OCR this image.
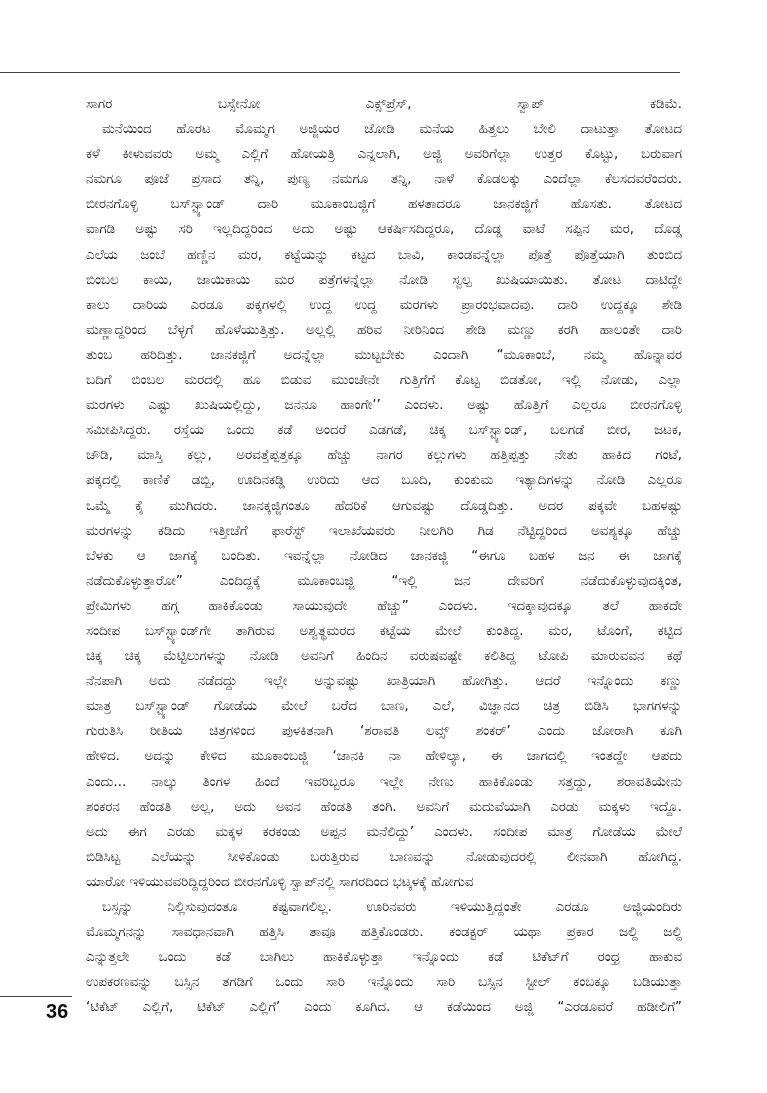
ಸಾಗರ ಬಸ್ಸೇನೋ ಎಕ್ಸ್‌ಪ್ರೆಸ್, ಸ್ವಾಪ್ ಕಡಿಮೆ.
ಮನೆಯಿಂದ ಹೊರಟ ಮೊಮ್ಮಗ ಅಜ್ಜಿಯರ ಜೋಡಿ ಮನೆಯ ಹಿತ್ತಲು ಬೇಲಿ ದಾಟುತ್ತಾ ತೋಟದ
ಕಳೆ ಕೀಳುವವರು ಅಮ್ಮ ಎಲ್ಲಿಗೆ ಹೋಯತ್ರಿ ಎನ್ನಲಾಗಿ, ಅಜ್ಜಿ ಅವರಿಗೆಲ್ಲಾ ಉತ್ತರ ಕೊಟ್ಟು, ಬರುವಾಗ
ನಮಗೂ ಪೂಜೆ ಪ್ರಸಾದ ತನ್ನಿ, ಪುಣ್ಯ ನಮಗೂ ತನ್ನಿ, ನಾಳೆ ಕೊಡಲಕ್ಕು ಎಂದೆಲ್ಲಾ ಕೆಲಸದವರೆಂದರು.
ಬೀರನಗೊಳ್ಳಿ ಬಸ್‌ಸ್ಟ್ಯಾಂಡ್ ದಾರಿ ಮೂಕಾಂಬಜ್ಜಿಗೆ ಹಳತಾದರೂ ಜಾನಕಜ್ಜಿಗೆ ಹೊಸತು. ತೋಟದ
ವಾಗಡಿ ಅಷ್ಟು ಸರಿ ಇಲ್ಲದಿದ್ದರಿಂದ ಅದು ಅಷ್ಟು ಆಕರ್ಷಿಸದಿದ್ದರೂ, ದೊಡ್ಡ ವಾಟೆ ಸಪ್ಪಿನ ಮರ, ದೊಡ್ಡ
ಎಲೆಯ ಜಂಬೆ ಹಣ್ಣಿನ ಮರ, ಕಟ್ಟೆಯನ್ನು ಕಟ್ಟದ ಬಾವಿ, ಕಾಂಡವನ್ನೆಲ್ಲಾ ಪೊತ್ತೆ ಪೊತ್ತೆಯಾಗಿ ತುಂಬಿದ
ಬಿಂಬಲ ಕಾಯಿ, ಜಾಯಿಕಾಯಿ ಮರ ಪತ್ರೆಗಳನ್ನೆಲ್ಲಾ ನೋಡಿ ಸ್ವಲ್ಪ ಖುಷಿಯಾಯಿತು. ತೋಟ ದಾಟಿದ್ದೇ
ಕಾಲು ದಾರಿಯ ಎರಡೂ ಪಕ್ಕಗಳಲ್ಲಿ ಉದ್ದ ಉದ್ದ ಮರಗಳು ಪ್ರಾರಂಭವಾದವು. ದಾರಿ ಉದ್ದಕ್ಕೂ ಶೇಡಿ
ಮಣ್ಣಾದ್ದರಿಂದ ಬೆಳ್ಳಗೆ ಹೊಳೆಯುತ್ತಿತ್ತು. ಅಲ್ಲಲ್ಲಿ ಹರಿವ ನೀರಿನಿಂದ ಶೇಡಿ ಮಣ್ಣು ಕರಗಿ ಹಾಲಂತೇ ದಾರಿ
ತುಂಬ ಹರಿದಿತ್ತು. ಜಾನಕಜ್ಜಿಗೆ ಅದನ್ನೆಲ್ಲಾ ಮುಟ್ಟಬೇಕು ಎಂದಾಗಿ “ಮೂಕಾಂಬೆ, ನಮ್ಮ ಹೊನ್ನಾವರ
ಬದಿಗೆ ಬಿಂಬಲ ಮರದಲ್ಲಿ ಹೂ ಬಿಡುವ ಮುಂಚೇನೇ ಗುತ್ತಿಗೆಗೆ ಕೊಟ್ಟ ಬಿಡತೋ, ಇಲ್ಲಿ ನೋಡು, ಎಲ್ಲಾ
ಮರಗಳು ಎಷ್ಟು ಖುಷಿಯಲ್ಲಿದ್ದು, ಜನನೂ ಹಾಂಗೇ’’ ಎಂದಳು. ಅಷ್ಟು ಹೊತ್ತಿಗೆ ಎಲ್ಲರೂ ಬೀರನಗೊಳ್ಳಿ
ಸಮೀಪಿಸಿದ್ದರು. ರಸ್ತೆಯ ಒಂದು ಕಡೆ ಅಂದರೆ ಎಡಗಡೆ, ಚಿಕ್ಕ ಬಸ್‌ಸ್ಟ್ಯಾಂಡ್, ಬಲಗಡೆ ಬೀರ, ಜಟಕ,
ಚೌಡಿ, ಮಾಸ್ತಿ ಕಲ್ಲು, ಅರವತ್ತೆಪ್ಪತ್ತಕ್ಕೂ ಹೆಚ್ಚು ನಾಗರ ಕಲ್ಲುಗಳು ಹತ್ತಿಪ್ಪತ್ತು ನೇತು ಹಾಕಿದ ಗಂಟೆ,
ಪಕ್ಕದಲ್ಲಿ ಕಾಣಿಕೆ ಡಬ್ಬಿ, ಊದಿನಕಡ್ಡಿ ಉರಿದು ಆದ ಬೂದಿ, ಕುಂಕುಮ ಇತ್ಯಾದಿಗಳನ್ನು ನೋಡಿ ಎಲ್ಲರೂ
ಒಮ್ಮೆ ಕೈ ಮುಗಿದರು. ಜಾನಕ್ಕಜ್ಜಿಗಂತೂ ಹೆದರಿಕೆ ಆಗುವಷ್ಟು ದೊಡ್ಡದಿತ್ತು. ಅದರ ಪಕ್ಕವೇ ಬಹಳಷ್ಟು
ಮರಗಳನ್ನು ಕಡಿದು ಇತ್ತೀಚೆಗೆ ಫಾರೆಸ್ಟ್ ಇಲಾಖೆಯವರು ನೀಲಗಿರಿ ಗಿಡ ನೆಟ್ಟಿದ್ದರಿಂದ ಅವಶ್ಯಕ್ಕೂ ಹೆಚ್ಚು
ಬೆಳಕು ಆ ಜಾಗಕ್ಕೆ ಬಂದಿತು. ಇವನ್ನೆಲ್ಲಾ ನೋಡಿದ ಜಾನಕಜ್ಜಿ “ಈಗೂ ಬಹಳ ಜನ ಈ ಜಾಗಕ್ಕೆ
ನಡೆದುಕೊಳ್ಳುತ್ತಾರೋ” ಎಂದಿದ್ದಕ್ಕೆ ಮೂಕಾಂಬಜ್ಜಿ “ಇಲ್ಲಿ ಜನ ದೇವರಿಗೆ ನಡೆದುಕೊಳ್ಳುವುದಕ್ಕಿಂತ,
ಪ್ರೇಮಿಗಳು ಹಗ್ಗ ಹಾಕಿಕೊಂಡು ಸಾಯುವುದೇ ಹೆಚ್ಚು” ಎಂದಳು. ಇದಕ್ಕಾವುದಕ್ಕೂ ತಲೆ ಹಾಕದೇ
ಸಂದೀಪ ಬಸ್‌ಸ್ಟ್ಯಾಂಡ್‌ಗೇ ತಾಗಿರುವ ಅಶ್ವತ್ಥಮರದ ಕಟ್ಟೆಯ ಮೇಲೆ ಕುಂತಿದ್ದ. ಮರ, ಟೊಂಗೆ, ಕಟ್ಟಿದ
ಚಿಕ್ಕ ಚಿಕ್ಕ ಮೆಟ್ಟಿಲುಗಳನ್ನು ನೋಡಿ ಅವನಿಗೆ ಹಿಂದಿನ ವರುಷವಷ್ಟೇ ಕಲಿತಿದ್ದ ಟೋಪಿ ಮಾರುವವನ ಕಥೆ
ನೆನಪಾಗಿ ಅದು ನಡೆದದ್ದು ಇಲ್ಲೇ ಅನ್ನುವಷ್ಟು ಖಾತ್ರಿಯಾಗಿ ಹೋಗಿತ್ತು. ಆದರೆ ಇನ್ನೊಂದು ಕಣ್ಣು
ಮಾತ್ರ ಬಸ್‌ಸ್ಟ್ಯಾಂಡ್ ಗೋಡೆಯ ಮೇಲೆ ಬರೆದ ಬಾಣ, ಎಲೆ, ವಿಜ್ಞಾನದ ಚಿತ್ರ ಬಿಡಿಸಿ ಭಾಗಗಳನ್ನು
ಗುರುತಿಸಿ ರೀತಿಯ ಚಿತ್ರಗಳಿಂದ ಪುಳಕಿತನಾಗಿ ‘ಶರಾವತಿ ಲವ್ಸ್ ಶಂಕರ್’ ಎಂದು ಜೋರಾಗಿ ಕೂಗಿ
ಹೇಳಿದ. ಅದನ್ನು ಕೇಳಿದ ಮೂಕಾಂಬಜ್ಜಿ ‘ಜಾನಕಿ ನಾ ಹೇಳಿಲ್ಯಾ, ಈ ಜಾಗದಲ್ಲಿ ಇಂತದ್ದೇ ಆಪದು
ಎಂದು... ನಾಲ್ಕು ತಿಂಗಳ ಹಿಂದೆ ಇವರಿಬ್ಬರೂ ಇಲ್ಲೇ ನೇಣು ಹಾಕಿಕೊಂಡು ಸತ್ತದ್ದು, ಶರಾವತಿಯೇನು
ಶಂಕರನ ಹೆಂಡತಿ ಅಲ್ಲ, ಅದು ಅವನ ಹೆಂಡತಿ ತಂಗಿ. ಅವನಿಗೆ ಮದುವೆಯಾಗಿ ಎರಡು ಮಕ್ಕಳು ಇದ್ದೊ.
ಅದು ಈಗ ಎರಡು ಮಕ್ಕಳ ಕರಕಂಡು ಅಪ್ಪನ ಮನೆಲಿದ್ದು’ ಎಂದಳು. ಸಂದೀಪ ಮಾತ್ರ ಗೋಡೆಯ ಮೇಲೆ
ಬಿಡಿಸಿಟ್ಟ ಎಲೆಯನ್ನು ಸೀಳಿಕೊಂಡು ಬರುತ್ತಿರುವ ಬಾಣವನ್ನು ನೋಡುವುದರಲ್ಲಿ ಲೀನವಾಗಿ ಹೋಗಿದ್ದ.
ಯಾರೋ ಇಳಿಯುವವರಿದ್ದಿದ್ದರಿಂದ ಬೀರನಗೊಳ್ಳಿ ಸ್ವಾಪ್‌ನಲ್ಲಿ ಸಾಗರದಿಂದ ಭಟ್ಕಳಕ್ಕೆ ಹೋಗುವ
ಬಸ್ಸನ್ನು ನಿಲ್ಲಿಸುವುದಂತೂ ಕಷ್ಟವಾಗಲಿಲ್ಲ. ಊರಿನವರು ಇಳಿಯುತ್ತಿದ್ದಂತೇ ಎರಡೂ ಅಜ್ಜಿಯಂದಿರು
ಮೊಮ್ಮಗನನ್ನು ಸಾವಧಾನವಾಗಿ ಹತ್ತಿಸಿ ತಾವೂ ಹತ್ತಿಕೊಂಡರು. ಕಂಡಕ್ಟರ್ ಯಥಾ ಪ್ರಕಾರ ಜಲ್ದಿ ಜಲ್ದಿ
ಎನ್ನುತ್ತಲೇ ಒಂದು ಕಡೆ ಬಾಗಿಲು ಹಾಕಿಕೊಳ್ಳುತ್ತಾ ಇನ್ನೊಂದು ಕಡೆ ಟಿಕೆಟ್‌ಗೆ ರಂಧ್ರ ಹಾಕುವ
ಉಪಕರಣವನ್ನು ಬಸ್ಸಿನ ತಗಡಿಗೆ ಒಂದು ಸಾರಿ ಇನ್ನೊಂದು ಸಾರಿ ಬಸ್ಸಿನ ಸ್ಟೀಲ್ ಕಂಬಕ್ಕೂ ಬಡಿಯುತ್ತಾ
‘ಟಿಕೆಟ್ ಎಲ್ಲಿಗೆ, ಟಿಕೆಟ್ ಎಲ್ಲಿಗೆ’ ಎಂದು ಕೂಗಿದ. ಆ ಕಡೆಯಿಂದ ಅಜ್ಜಿ “ಎರಡೂವರೆ ಹಡೀಲಿಗೆ”
36
